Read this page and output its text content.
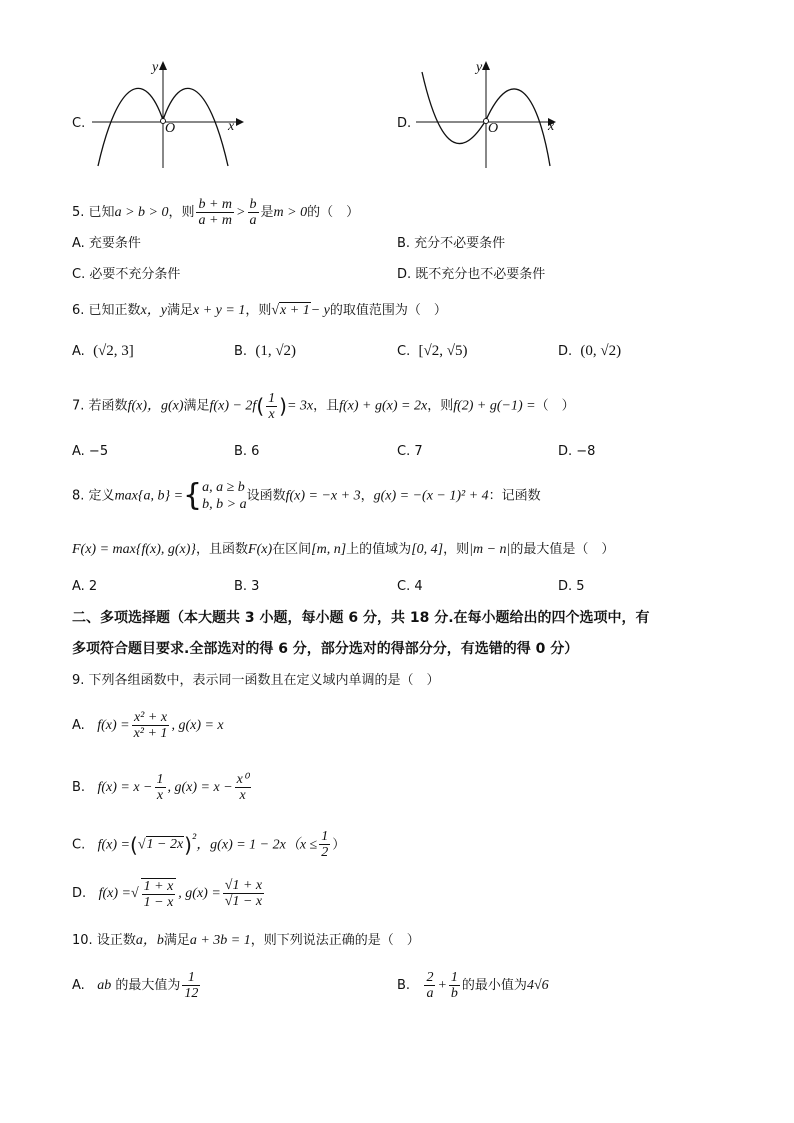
C.
y
x
O	D.
y
x
O
5. 已知a > b > 0，则 $\frac{b + m}{a + m} > \frac{b}{a}$ 是m > 0的（　）
A. 充要条件	B. 充分不必要条件
C. 必要不充分条件	D. 既不充分也不必要条件
6. 已知正数x，y满足x + y = 1，则√x + 1− y的取值范围为（　）
A. (√2, 3]	B. (1, √2)	C. [√2, √5)	D. (0, √2)
7. 若函数f(x)，g(x)满足$f(x) - 2f( \frac{1}{x}$ )= 3x，且f(x) + g(x) = 2x，则f(2) + g(−1) =（　）
A. −5	B. 6	C. 7	D. −8
8. 定义max{a, b} ={ a, a ≥ b
b, b > a
设函数f(x) = −x + 3，g(x) = −(x − 1)² + 4：记函数
F(x) = max{f(x), g(x)}，且函数F(x)在区间[m, n]上的值域为[0, 4]，则|m − n|的最大值是（　）
A. 2	B. 3	C. 4	D. 5
二、多项选择题（本大题共 3 小题，每小题 6 分，共 18 分.在每小题给出的四个选项中，有
多项符合题目要求.全部选对的得 6 分，部分选对的得部分分，有选错的得 0 分）
9. 下列各组函数中，表示同一函数且在定义域内单调的是（　）
A. $f(x) = \frac{\text{x² + x}}{\text{x² + 1}}$ , g(x) = x
B. $f(x) = x - \frac{1}{x}$ , $g(x) = x - \frac{\text{x⁰}}{x}$
C. $f(x) =(√1 - 2x)^{^2}$，$g(x) = 1 - 2x(x \le \frac{1}{2}$ ）
D. f(x) =√ $\frac{1 + x}{1 - x}$ , $g(x) = \frac{√1 + x}{√1 - x}$
10. 设正数a，b满足a + 3b = 1，则下列说法正确的是（　）
A. ab 的最大值为 $\frac{1}{12}$	B. $\frac{2}{a} + \frac{1}{b}$ 的最小值为4√6
